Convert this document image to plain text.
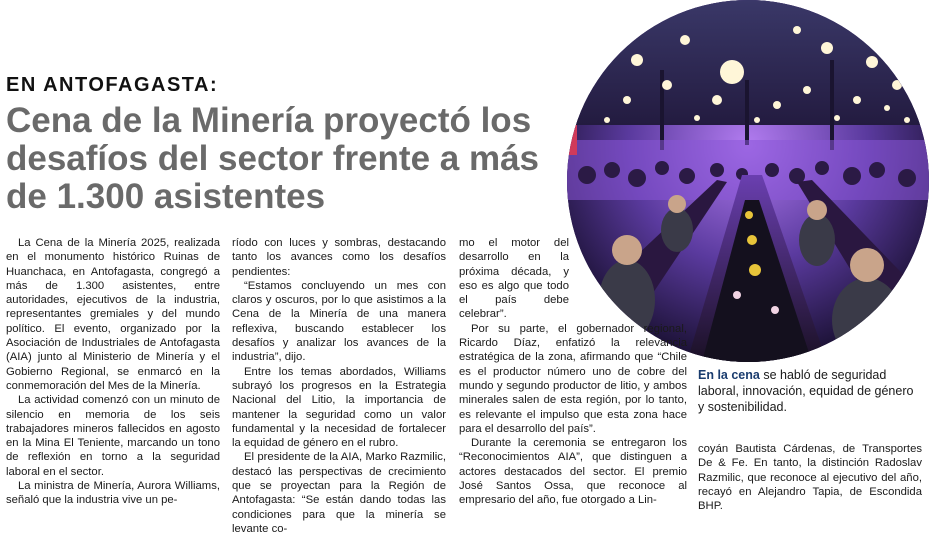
EN ANTOFAGASTA:
Cena de la Minería proyectó los desafíos del sector frente a más de 1.300 asistentes

En la cena se habló de seguridad laboral, innovación, equidad de género y sostenibilidad.

La Cena de la Minería 2025, realizada en el monumento histórico Ruinas de Huanchaca, en Antofagasta, congregó a más de 1.300 asistentes, entre autoridades, ejecutivos de la industria, representantes gremiales y del mundo político. El evento, organizado por la Asociación de Industriales de Antofagasta (AIA) junto al Ministerio de Minería y el Gobierno Regional, se enmarcó en la conmemoración del Mes de la Minería.

La actividad comenzó con un minuto de silencio en memoria de los seis trabajadores mineros fallecidos en agosto en la Mina El Teniente, marcando un tono de reflexión en torno a la seguridad laboral en el sector.

La ministra de Minería, Aurora Williams, señaló que la industria vive un pe-

ríodo con luces y sombras, destacando tanto los avances como los desafíos pendientes:

“Estamos concluyendo un mes con claros y oscuros, por lo que asistimos a la Cena de la Minería de una manera reflexiva, buscando establecer los desafíos y analizar los avances de la industria”, dijo.

Entre los temas abordados, Williams subrayó los progresos en la Estrategia Nacional del Litio, la importancia de mantener la seguridad como un valor fundamental y la necesidad de fortalecer la equidad de género en el rubro.

El presidente de la AIA, Marko Razmilic, destacó las perspectivas de crecimiento que se proyectan para la Región de Antofagasta: “Se están dando todas las condiciones para que la minería se levante co-

mo el motor del desarrollo en la próxima década, y eso es algo que todo el país debe celebrar”.

Por su parte, el gobernador regional, Ricardo Díaz, enfatizó la relevancia estratégica de la zona, afirmando que “Chile es el productor número uno de cobre del mundo y segundo productor de litio, y ambos minerales salen de esta región, por lo tanto, es relevante el impulso que esta zona hace para el desarrollo del país”.

Durante la ceremonia se entregaron los “Reconocimientos AIA”, que distinguen a actores destacados del sector. El premio José Santos Ossa, que reconoce al empresario del año, fue otorgado a Lin-

coyán Bautista Cárdenas, de Transportes De & Fe. En tanto, la distinción Radoslav Razmilic, que reconoce al ejecutivo del año, recayó en Alejandro Tapia, de Escondida BHP.
